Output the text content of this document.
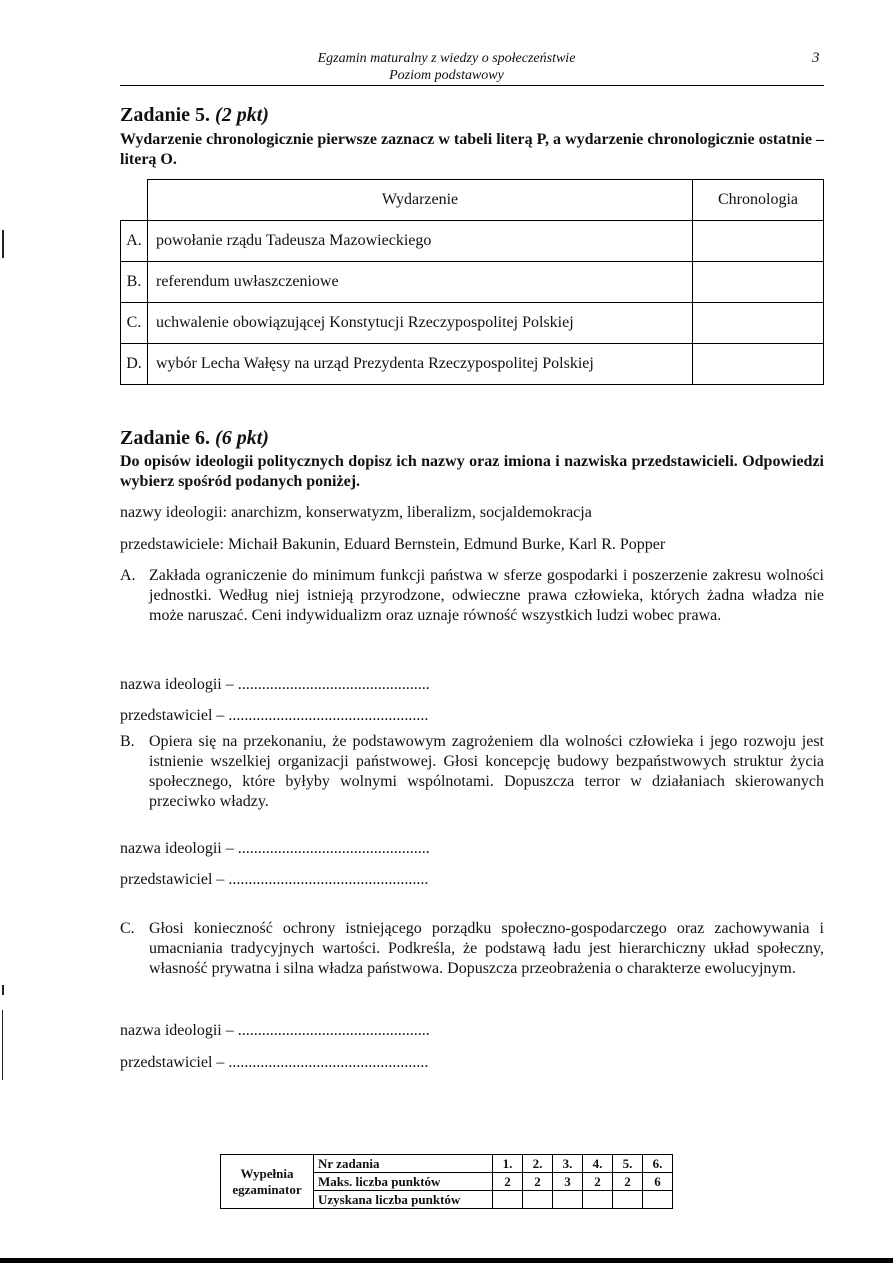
Egzamin maturalny z wiedzy o społeczeństwie
Poziom podstawowy
3
Zadanie 5. (2 pkt)
Wydarzenie chronologicznie pierwsze zaznacz w tabeli literą P, a wydarzenie chronologicznie ostatnie – literą O.
	Wydarzenie	Chronologia
A.	powołanie rządu Tadeusza Mazowieckiego	
B.	referendum uwłaszczeniowe	
C.	uchwalenie obowiązującej Konstytucji Rzeczypospolitej Polskiej	
D.	wybór Lecha Wałęsy na urząd Prezydenta Rzeczypospolitej Polskiej	
Zadanie 6. (6 pkt)
Do opisów ideologii politycznych dopisz ich nazwy oraz imiona i nazwiska przedstawicieli. Odpowiedzi wybierz spośród podanych poniżej.
nazwy ideologii: anarchizm, konserwatyzm, liberalizm, socjaldemokracja
przedstawiciele: Michaił Bakunin, Eduard Bernstein, Edmund Burke, Karl R. Popper
A. Zakłada ograniczenie do minimum funkcji państwa w sferze gospodarki i poszerzenie zakresu wolności jednostki. Według niej istnieją przyrodzone, odwieczne prawa człowieka, których żadna władza nie może naruszać. Ceni indywidualizm oraz uznaje równość wszystkich ludzi wobec prawa.
nazwa ideologii – ................................................
przedstawiciel – ..................................................
B. Opiera się na przekonaniu, że podstawowym zagrożeniem dla wolności człowieka i jego rozwoju jest istnienie wszelkiej organizacji państwowej. Głosi koncepcję budowy bezpaństwowych struktur życia społecznego, które byłyby wolnymi wspólnotami. Dopuszcza terror w działaniach skierowanych przeciwko władzy.
nazwa ideologii – ................................................
przedstawiciel – ..................................................
C. Głosi konieczność ochrony istniejącego porządku społeczno-gospodarczego oraz zachowywania i umacniania tradycyjnych wartości. Podkreśla, że podstawą ładu jest hierarchiczny układ społeczny, własność prywatna i silna władza państwowa. Dopuszcza przeobrażenia o charakterze ewolucyjnym.
nazwa ideologii – ................................................
przedstawiciel – ..................................................
Wypełnia egzaminator	Nr zadania	1.	2.	3.	4.	5.	6.
	Maks. liczba punktów	2	2	3	2	2	6
	Uzyskana liczba punktów						
